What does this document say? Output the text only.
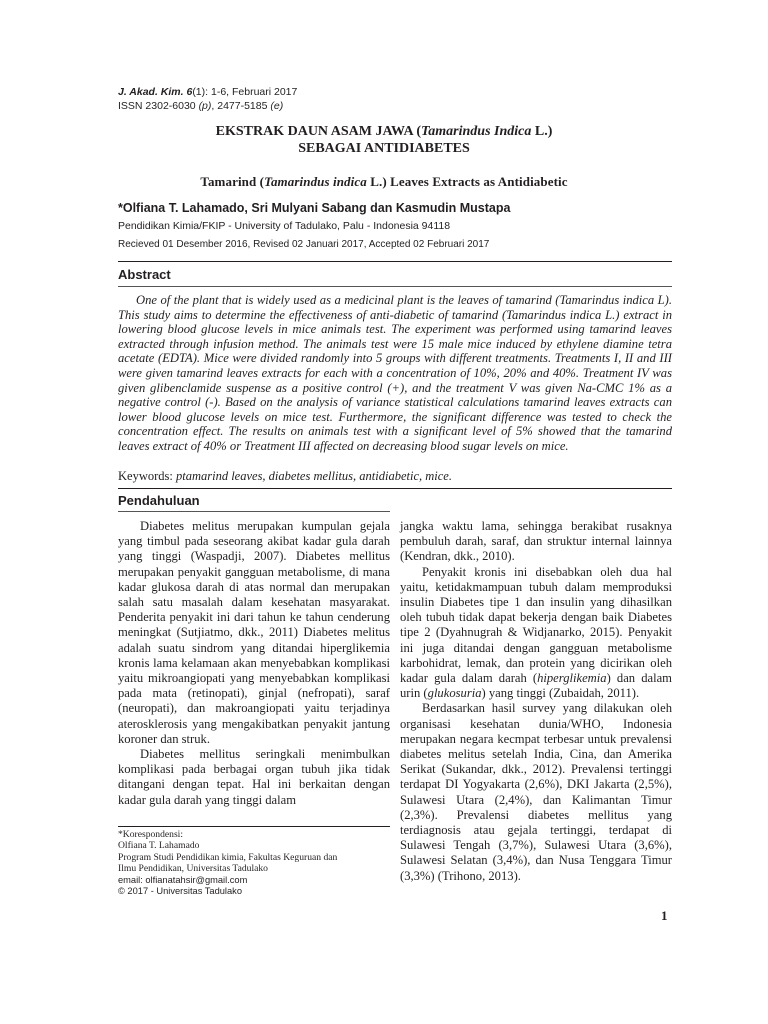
J. Akad. Kim. 6(1): 1-6, Februari 2017
ISSN 2302-6030 (p), 2477-5185 (e)
EKSTRAK DAUN ASAM JAWA (Tamarindus Indica L.)
SEBAGAI ANTIDIABETES
Tamarind (Tamarindus indica L.) Leaves Extracts as Antidiabetic
*Olfiana T. Lahamado, Sri Mulyani Sabang dan Kasmudin Mustapa
Pendidikan Kimia/FKIP - University of Tadulako, Palu - Indonesia 94118
Recieved 01 Desember 2016, Revised 02 Januari 2017, Accepted 02 Februari 2017
Abstract

One of the plant that is widely used as a medicinal plant is the leaves of tamarind (Tamarindus indica L). This study aims to determine the effectiveness of anti-diabetic of tamarind (Tamarindus indica L.) extract in lowering blood glucose levels in mice animals test. The experiment was performed using tamarind leaves extracted through infusion method. The animals test were 15 male mice induced by ethylene diamine tetra acetate (EDTA). Mice were divided randomly into 5 groups with different treatments. Treatments I, II and III were given tamarind leaves extracts for each with a concentration of 10%, 20% and 40%. Treatment IV was given glibenclamide suspense as a positive control (+), and the treatment V was given Na-CMC 1% as a negative control (-). Based on the analysis of variance statistical calculations tamarind leaves extracts can lower blood glucose levels on mice test. Furthermore, the significant difference was tested to check the concentration effect. The results on animals test with a significant level of 5% showed that the tamarind leaves extract of 40% or Treatment III affected on decreasing blood sugar levels on mice.

Keywords: ptamarind leaves, diabetes mellitus, antidiabetic, mice.
Pendahuluan

Diabetes melitus merupakan kumpulan gejala yang timbul pada seseorang akibat kadar gula darah yang tinggi (Waspadji, 2007). Diabetes mellitus merupakan penyakit gangguan metabolisme, di mana kadar glukosa darah di atas normal dan merupakan salah satu masalah dalam kesehatan masyarakat. Penderita penyakit ini dari tahun ke tahun cenderung meningkat (Sutjiatmo, dkk., 2011) Diabetes melitus adalah suatu sindrom yang ditandai hiperglikemia kronis lama kelamaan akan menyebabkan komplikasi yaitu mikroangiopati yang menyebabkan komplikasi pada mata (retinopati), ginjal (nefropati), saraf (neuropati), dan makroangiopati yaitu terjadinya aterosklerosis yang mengakibatkan penyakit jantung koroner dan struk.

Diabetes mellitus seringkali menimbulkan komplikasi pada berbagai organ tubuh jika tidak ditangani dengan tepat. Hal ini berkaitan dengan kadar gula darah yang tinggi dalam

jangka waktu lama, sehingga berakibat rusaknya pembuluh darah, saraf, dan struktur internal lainnya (Kendran, dkk., 2010).

Penyakit kronis ini disebabkan oleh dua hal yaitu, ketidakmampuan tubuh dalam memproduksi insulin Diabetes tipe 1 dan insulin yang dihasilkan oleh tubuh tidak dapat bekerja dengan baik Diabetes tipe 2 (Dyahnugrah & Widjanarko, 2015). Penyakit ini juga ditandai dengan gangguan metabolisme karbohidrat, lemak, dan protein yang dicirikan oleh kadar gula dalam darah (hiperglikemia) dan dalam urin (glukosuria) yang tinggi (Zubaidah, 2011).

Berdasarkan hasil survey yang dilakukan oleh organisasi kesehatan dunia/WHO, Indonesia merupakan negara kecmpat terbesar untuk prevalensi diabetes melitus setelah India, Cina, dan Amerika Serikat (Sukandar, dkk., 2012). Prevalensi tertinggi terdapat DI Yogyakarta (2,6%), DKI Jakarta (2,5%), Sulawesi Utara (2,4%), dan Kalimantan Timur (2,3%). Prevalensi diabetes mellitus yang terdiagnosis atau gejala tertinggi, terdapat di Sulawesi Tengah (3,7%), Sulawesi Utara (3,6%), Sulawesi Selatan (3,4%), dan Nusa Tenggara Timur (3,3%) (Trihono, 2013).

*Korespondensi:
Olfiana T. Lahamado
Program Studi Pendidikan kimia, Fakultas Keguruan dan
Ilmu Pendidikan, Universitas Tadulako
email: olfianatahsir@gmail.com
© 2017 - Universitas Tadulako
1
